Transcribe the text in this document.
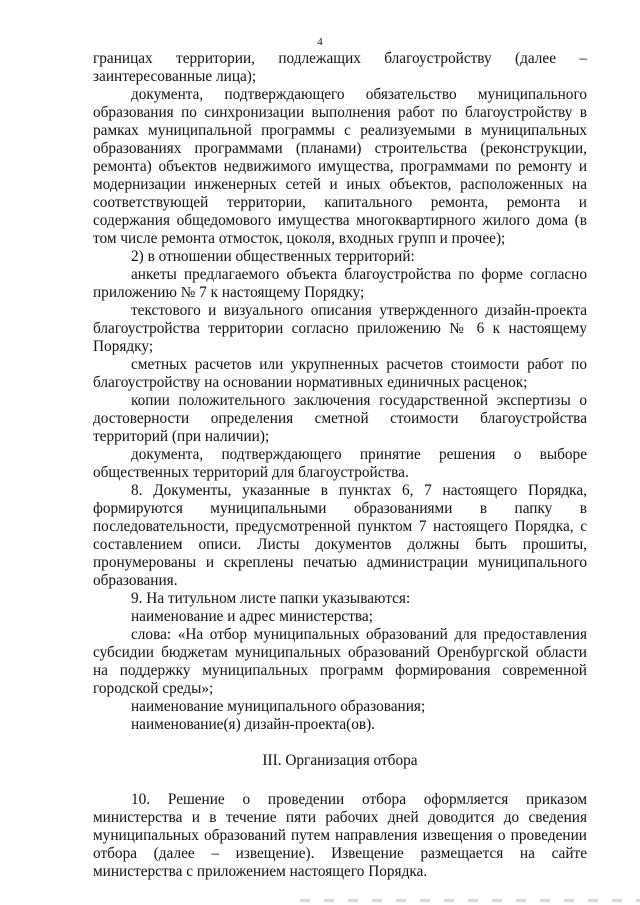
4

границах территории, подлежащих благоустройству (далее – заинтересованные лица);

документа, подтверждающего обязательство муниципального образования по синхронизации выполнения работ по благоустройству в рамках муниципальной программы с реализуемыми в муниципальных образованиях программами (планами) строительства (реконструкции, ремонта) объектов недвижимого имущества, программами по ремонту и модернизации инженерных сетей и иных объектов, расположенных на соответствующей территории, капитального ремонта, ремонта и содержания общедомового имущества многоквартирного жилого дома (в том числе ремонта отмосток, цоколя, входных групп и прочее);

2) в отношении общественных территорий:

анкеты предлагаемого объекта благоустройства по форме согласно приложению № 7 к настоящему Порядку;

текстового и визуального описания утвержденного дизайн-проекта благоустройства территории согласно приложению № 6 к настоящему Порядку;

сметных расчетов или укрупненных расчетов стоимости работ по благоустройству на основании нормативных единичных расценок;

копии положительного заключения государственной экспертизы о достоверности определения сметной стоимости благоустройства территорий (при наличии);

документа, подтверждающего принятие решения о выборе общественных территорий для благоустройства.

8. Документы, указанные в пунктах 6, 7 настоящего Порядка, формируются муниципальными образованиями в папку в последовательности, предусмотренной пунктом 7 настоящего Порядка, с составлением описи. Листы документов должны быть прошиты, пронумерованы и скреплены печатью администрации муниципального образования.

9. На титульном листе папки указываются:

наименование и адрес министерства;

слова: «На отбор муниципальных образований для предоставления субсидии бюджетам муниципальных образований Оренбургской области на поддержку муниципальных программ формирования современной городской среды»;

наименование муниципального образования;

наименование(я) дизайн-проекта(ов).

III. Организация отбора

10. Решение о проведении отбора оформляется приказом министерства и в течение пяти рабочих дней доводится до сведения муниципальных образований путем направления извещения о проведении отбора (далее – извещение). Извещение размещается на сайте министерства с приложением настоящего Порядка.
